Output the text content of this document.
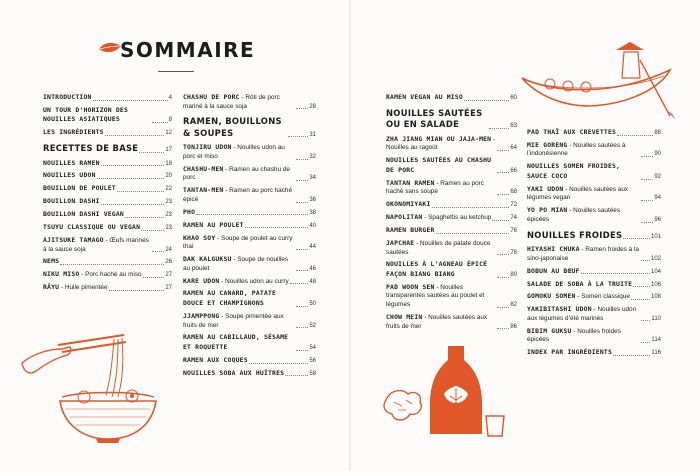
SOMMAIRE
INTRODUCTION	4
UN TOUR D’HORIZON DES NOUILLES ASIATIQUES	8
LES INGRÉDIENTS	12
RECETTES DE BASE	17
NOUILLES RAMEN	18
NOUILLES UDON	20
BOUILLON DE POULET	22
BOUILLON DASHI	23
BOUILLON DASHI VEGAN	23
TSUYU CLASSIQUE OU VEGAN	23
AJITSUKE TAMAGO - Œufs marinés à la sauce soja	24
NEMS	26
NIKU MISO - Porc haché au miso	27
RĀYU - Huile pimentée	27
CHASHU DE PORC - Rôti de porc mariné à la sauce soja	28
RAMEN, BOUILLONS & SOUPES	31
TONJIRU UDON - Nouilles udon au porc et miso	32
CHASHU-MEN - Ramen au chashu de porc	34
TANTAN-MEN - Ramen au porc haché épicé	36
PHO	38
RAMEN AU POULET	40
KHAO SOY - Soupe de poulet au curry thaï	44
DAK KALGUKSU - Soupe de nouilles au poulet	46
KARE UDON - Nouilles udon au curry	48
RAMEN AU CANARD, PATATE DOUCE ET CHAMPIGNONS	50
JJAMPPONG - Soupe pimentée aux fruits de mer	52
RAMEN AU CABILLAUD, SÉSAME ET ROQUETTE	54
RAMEN AUX COQUES	56
NOUILLES SOBA AUX HUÎTRES	58
RAMEN VEGAN AU MISO	60
NOUILLES SAUTÉES OU EN SALADE	63
ZHA JIANG MIAN OU JAJA-MEN - Nouilles au ragoût	64
NOUILLES SAUTÉES AU CHASHU DE PORC	66
TANTAN RAMEN - Ramen au porc haché sans soupe	68
OKONOMIYAKI	72
NAPOLITAN - Spaghettis au ketchup	74
RAMEN BURGER	76
JAPCHAE - Nouilles de patate douce sautées	78
NOUILLES À L’AGNEAU ÉPICÉ FAÇON BIANG BIANG	80
PAD WOON SEN - Nouilles transparentes sautées au poulet et légumes	82
CHOW MEIN - Nouilles sautées aux fruits de mer	86
PAD THAÏ AUX CREVETTES	88
MIE GORENG - Nouilles sautées à l’indonésienne	90
NOUILLES SOMEN FROIDES, SAUCE COCO	92
YAKI UDON - Nouilles sautées aux légumes vegan	94
YO PO MIAN - Nouilles sautées épicées	96
NOUILLES FROIDES	101
HIYASHI CHUKA - Ramen froides à la sino-japonaise	102
BOBUN AU BŒUF	104
SALADE DE SOBA À LA TRUITE	106
GOMOKU SOMEN - Somen classique	108
YAKIBITASHI UDON - Nouilles udon aux légumes d’été marinés	110
BIBIM GUKSU - Nouilles froides épicées	114
INDEX PAR INGRÉDIENTS	116
